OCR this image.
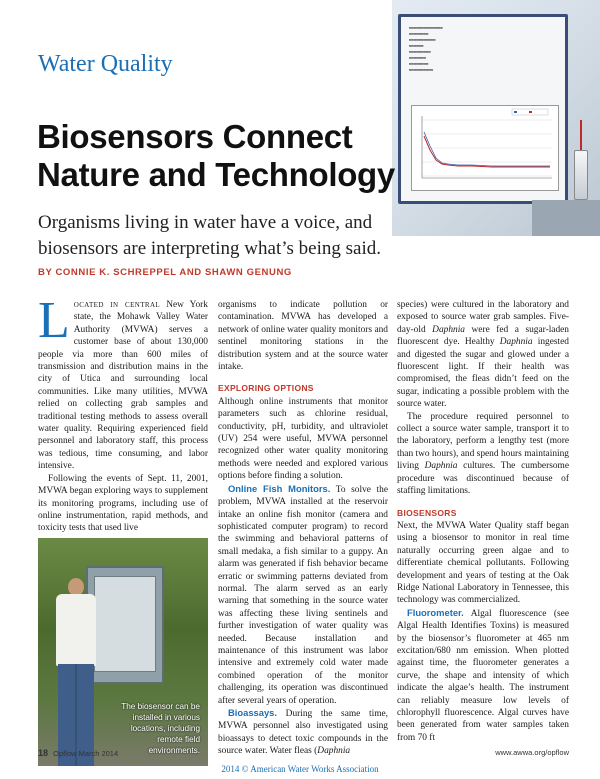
▬▬▬▬▬▬▬▬▬▬▬▬▬▬
▬▬▬▬▬▬▬▬
▬▬▬▬▬▬▬▬▬▬▬
▬▬▬▬▬▬
▬▬▬▬▬▬▬▬▬
▬▬▬▬▬▬▬
▬▬▬▬▬▬▬▬
▬▬▬▬▬▬▬▬▬▬
Water Quality
Biosensors Connect
Nature and Technology
Organisms living in water have a voice, and
biosensors are interpreting what’s being said.
BY CONNIE K. SCHREPPEL AND SHAWN GENUNG

Located in central New York state, the Mohawk Valley Water Authority (MVWA) serves a customer base of about 130,000 people via more than 600 miles of transmission and distribution mains in the city of Utica and surrounding local communities. Like many utilities, MVWA relied on collecting grab samples and traditional testing methods to assess overall water quality. Requiring experienced field personnel and laboratory staff, this process was tedious, time consuming, and labor intensive.

Following the events of Sept. 11, 2001, MVWA began exploring ways to supplement its monitoring programs, including use of online instrumentation, rapid methods, and toxicity tests that used live

The biosensor can be installed in various locations, including remote field environments.

organisms to indicate pollution or contamination. MVWA has developed a network of online water quality monitors and sentinel monitoring stations in the distribution system and at the source water intake.

EXPLORING OPTIONS

Although online instruments that monitor parameters such as chlorine residual, conductivity, pH, turbidity, and ultraviolet (UV) 254 were useful, MVWA personnel recognized other water quality monitoring methods were needed and explored various options before finding a solution.

Online Fish Monitors. To solve the problem, MVWA installed at the reservoir intake an online fish monitor (camera and sophisticated computer program) to record the swimming and behavioral patterns of small medaka, a fish similar to a guppy. An alarm was generated if fish behavior became erratic or swimming patterns deviated from normal. The alarm served as an early warning that something in the source water was affecting these living sentinels and further investigation of water quality was needed. Because installation and maintenance of this instrument was labor intensive and extremely cold water made combined operation of the monitor challenging, its operation was discontinued after several years of operation.

Bioassays. During the same time, MVWA personnel also investigated using bioassays to detect toxic compounds in the source water. Water fleas (Daphnia

species) were cultured in the laboratory and exposed to source water grab samples. Five-day-old Daphnia were fed a sugar-laden fluorescent dye. Healthy Daphnia ingested and digested the sugar and glowed under a fluorescent light. If their health was compromised, the fleas didn’t feed on the sugar, indicating a possible problem with the source water.

The procedure required personnel to collect a source water sample, transport it to the laboratory, perform a lengthy test (more than two hours), and spend hours maintaining living Daphnia cultures. The cumbersome procedure was discontinued because of staffing limitations.

BIOSENSORS

Next, the MVWA Water Quality staff began using a biosensor to monitor in real time naturally occurring green algae and to differentiate chemical pollutants. Following development and years of testing at the Oak Ridge National Laboratory in Tennessee, this technology was commercialized.

Fluorometer. Algal fluorescence (see Algal Health Identifies Toxins) is measured by the biosensor’s fluorometer at 465 nm excitation/680 nm emission. When plotted against time, the fluorometer generates a curve, the shape and intensity of which indicate the algae’s health. The instrument can reliably measure low levels of chlorophyll fluorescence. Algal curves have been generated from water samples taken from 70 ft

18 Opflow March 2014	www.awwa.org/opflow
2014 © American Water Works Association
